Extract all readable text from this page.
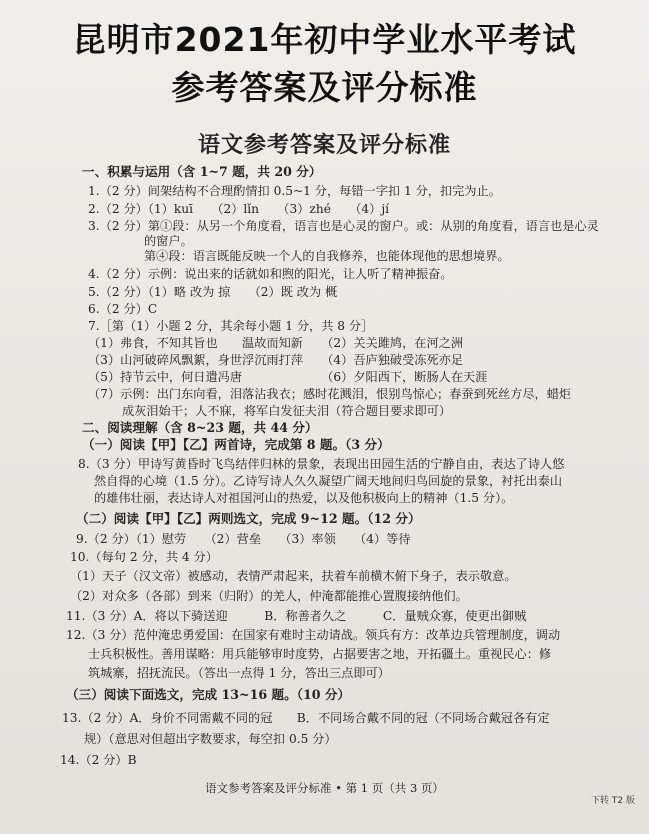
昆明市2021年初中学业水平考试
参考答案及评分标准
语文参考答案及评分标准
一、积累与运用（含 1~7 题，共 20 分）
1.（2 分）间架结构不合理酌情扣 0.5~1 分，每错一字扣 1 分，扣完为止。
2.（2 分）（1）kuī　　（2）lǐn　　（3）zhé　　（4）jí
3.（2 分）第①段：从另一个角度看，语言也是心灵的窗户。或：从别的角度看，语言也是心灵
的窗户。
第④段：语言既能反映一个人的自我修养，也能体现他的思想境界。
4.（2 分）示例：说出来的话就如和煦的阳光，让人听了精神振奋。
5.（2 分）（1）略 改为 掠　　（2）既 改为 概
6.（2 分）C
7.［第（1）小题 2 分，其余每小题 1 分，共 8 分］
（1）弗食，不知其旨也　　温故而知新　　（2）关关雎鸠，在河之洲
（3）山河破碎风飘絮，身世浮沉雨打萍　　（4）吾庐独破受冻死亦足
（5）持节云中，何日遣冯唐　　　　　　　（6）夕阳西下，断肠人在天涯
（7）示例：出门东向看，泪落沾我衣；感时花溅泪，恨别鸟惊心；春蚕到死丝方尽，蜡炬
成灰泪始干；人不寐，将军白发征夫泪（符合题目要求即可）
二、阅读理解（含 8~23 题，共 44 分）
（一）阅读【甲】【乙】两首诗，完成第 8 题。（3 分）
8.（3 分）甲诗写黄昏时飞鸟结伴归林的景象，表现出田园生活的宁静自由，表达了诗人悠
然自得的心境（1.5 分）。乙诗写诗人久久凝望广阔天地间归鸟回旋的景象，衬托出泰山
的雄伟壮丽，表达诗人对祖国河山的热爱，以及他积极向上的精神（1.5 分）。
（二）阅读【甲】【乙】两则选文，完成 9~12 题。（12 分）
9.（2 分）（1）慰劳　　（2）营垒　　（3）率领　　（4）等待
10.（每句 2 分，共 4 分）
（1）天子（汉文帝）被感动，表情严肃起来，扶着车前横木俯下身子，表示敬意。
（2）对众多（各部）到来（归附）的羌人，仲淹都能推心置腹接纳他们。
11.（3 分）A．将以下骑送迎　　　B．称善者久之　　　C．量贼众寡，使更出御贼
12.（3 分）范仲淹忠勇爱国：在国家有难时主动请战。领兵有方：改革边兵管理制度，调动
士兵积极性。善用谋略：用兵能够审时度势，占据要害之地，开拓疆土。重视民心：修
筑城寨，招抚流民。（答出一点得 1 分，答出三点即可）
（三）阅读下面选文，完成 13~16 题。（10 分）
13.（2 分）A．身价不同需戴不同的冠　　B．不同场合戴不同的冠（不同场合戴冠各有定
规）（意思对但超出字数要求，每空扣 0.5 分）
14.（2 分）B
语文参考答案及评分标准 • 第 1 页（共 3 页）
下转 T2 版
